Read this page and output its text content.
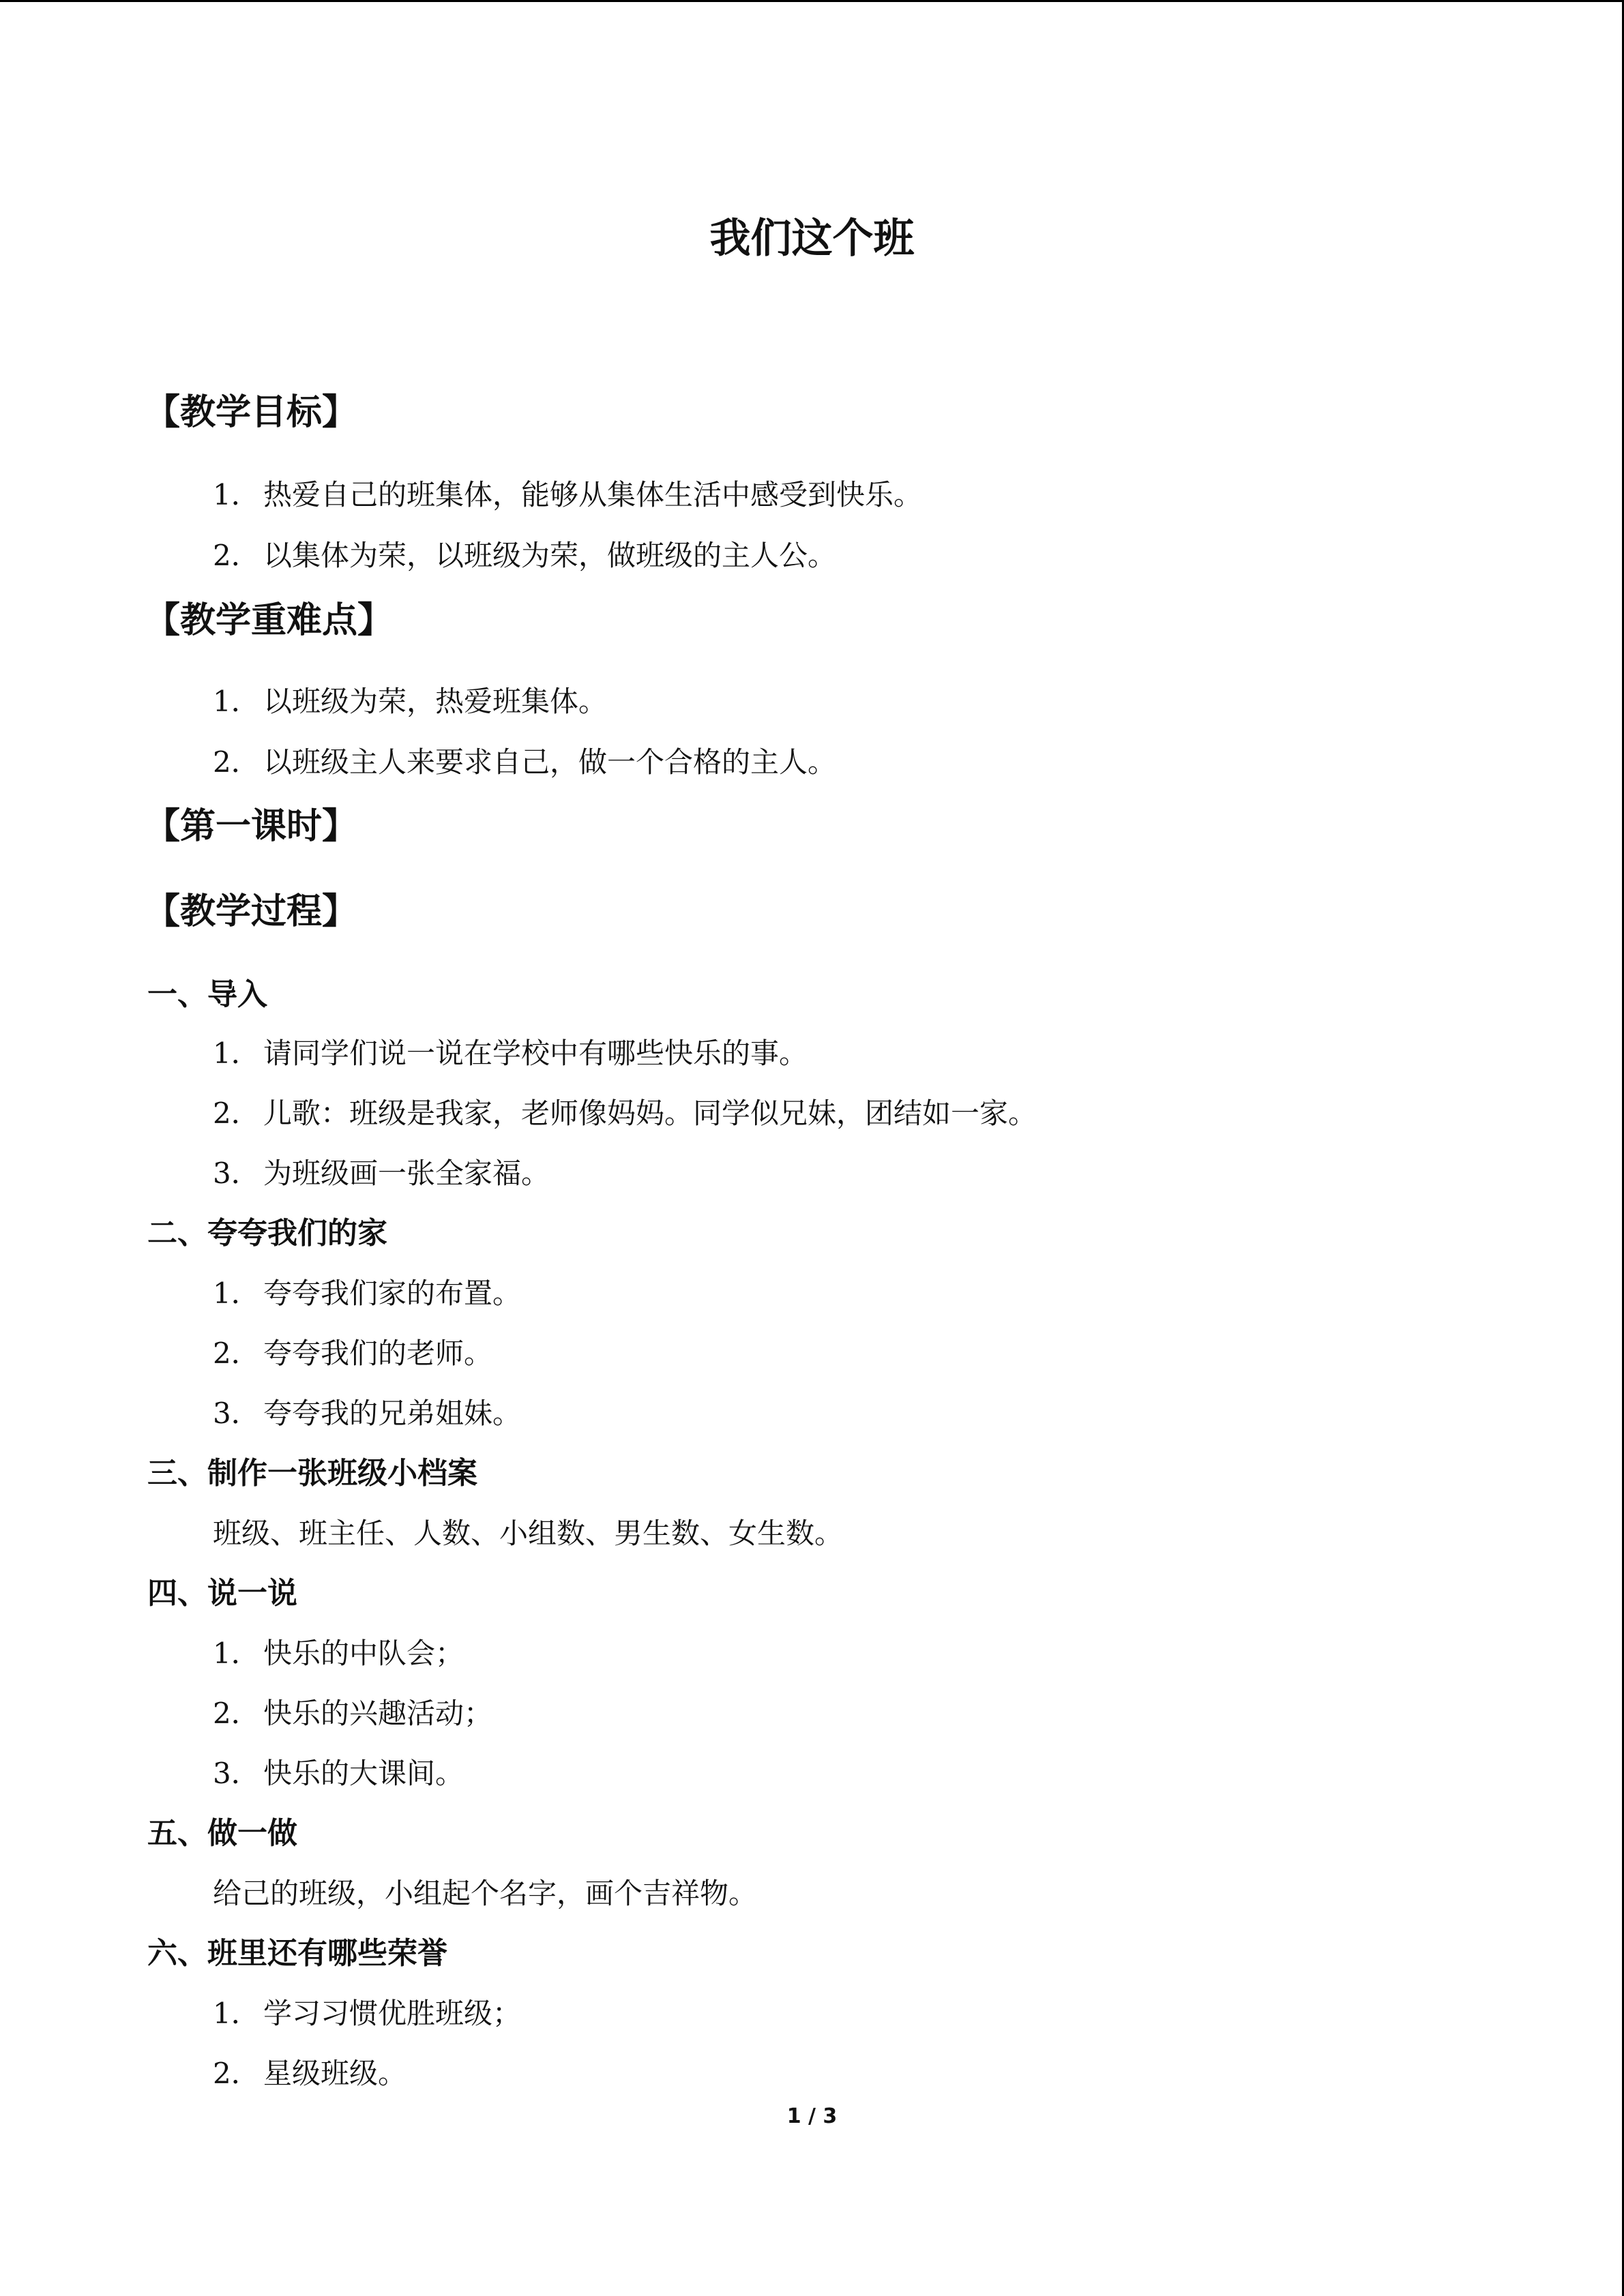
我们这个班
【教学目标】
1． 热爱自己的班集体，能够从集体生活中感受到快乐。
2． 以集体为荣，以班级为荣，做班级的主人公。
【教学重难点】
1． 以班级为荣，热爱班集体。
2． 以班级主人来要求自己，做一个合格的主人。
【第一课时】
【教学过程】
一、导入
1． 请同学们说一说在学校中有哪些快乐的事。
2． 儿歌：班级是我家，老师像妈妈。同学似兄妹，团结如一家。
3． 为班级画一张全家福。
二、夸夸我们的家
1． 夸夸我们家的布置。
2． 夸夸我们的老师。
3． 夸夸我的兄弟姐妹。
三、制作一张班级小档案
班级、班主任、人数、小组数、男生数、女生数。
四、说一说
1． 快乐的中队会；
2． 快乐的兴趣活动；
3． 快乐的大课间。
五、做一做
给己的班级，小组起个名字，画个吉祥物。
六、班里还有哪些荣誉
1． 学习习惯优胜班级；
2． 星级班级。
1 / 3
